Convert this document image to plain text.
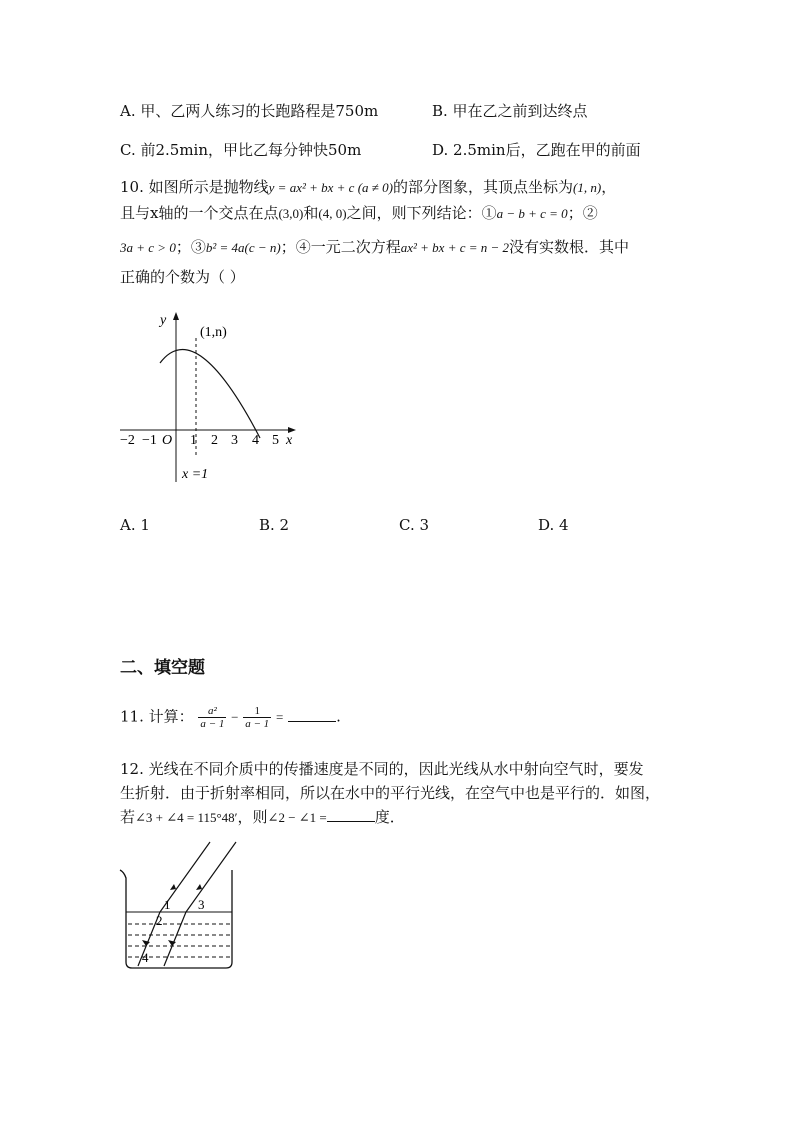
A. 甲、乙两人练习的长跑路程是750m	B. 甲在乙之前到达终点
C. 前2.5min，甲比乙每分钟快50m	D. 2.5min后，乙跑在甲的前面
10. 如图所示是抛物线y = ax² + bx + c (a ≠ 0)的部分图象，其顶点坐标为(1, n)，
且与x轴的一个交点在点(3,0)和(4, 0)之间，则下列结论：①a − b + c = 0；②
3a + c > 0；③b² = 4a(c − n)；④一元二次方程ax² + bx + c = n − 2没有实数根．其中
正确的个数为（ ）
y
x
(1,n)
O
x =1
−2 −1 1 2 3 4 5
A. 1	B. 2	C. 3	D. 4
二、填空题
11. 计算： $\frac{\text{a²}}{a - 1} - \frac{1}{a - 1}$ =	.
12. 光线在不同介质中的传播速度是不同的，因此光线从水中射向空气时，要发
生折射．由于折射率相同，所以在水中的平行光线，在空气中也是平行的．如图，
若∠3 + ∠4 = 115°48′，则∠2 − ∠1 =	度．
1
2
3
4
